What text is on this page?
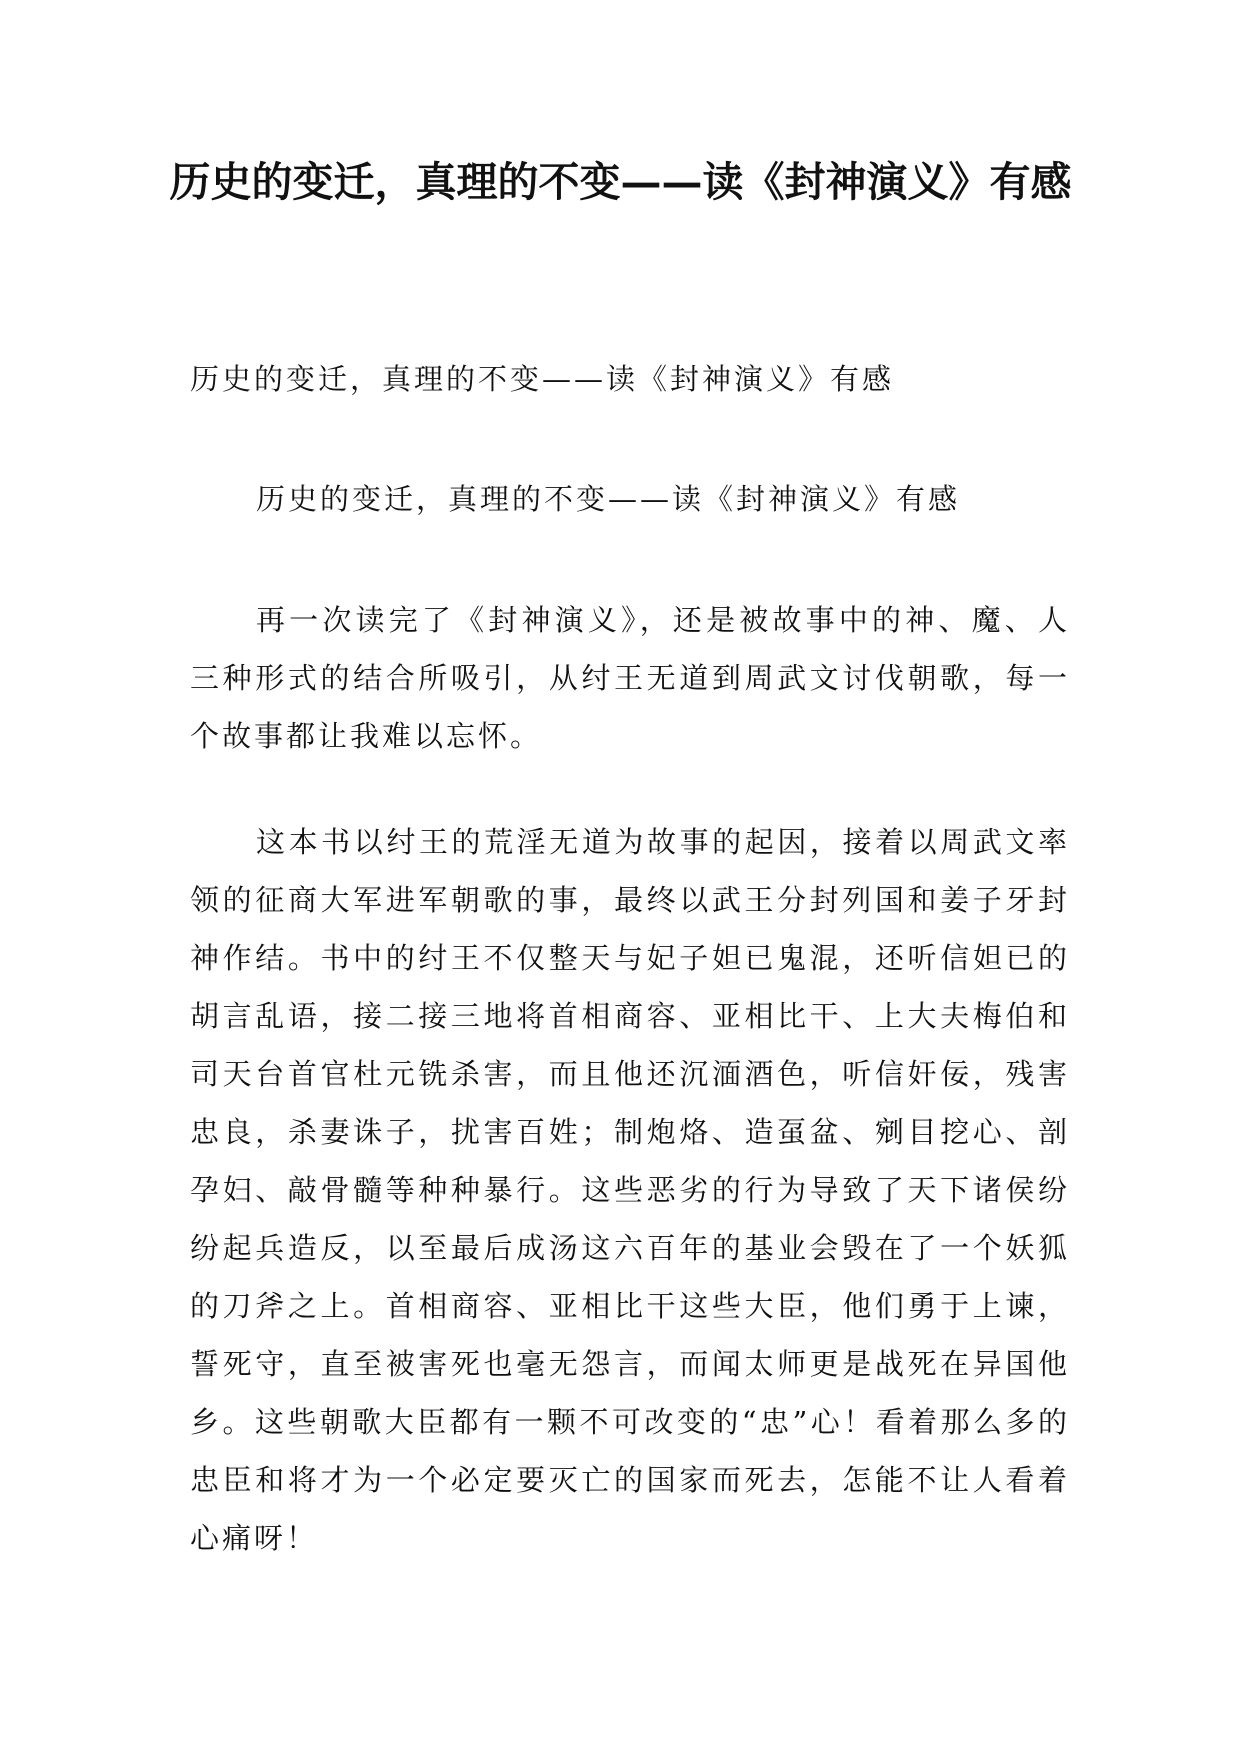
历史的变迁，真理的不变——读《封神演义》有感

历史的变迁，真理的不变——读《封神演义》有感

历史的变迁，真理的不变——读《封神演义》有感

再一次读完了《封神演义》，还是被故事中的神、魔、人三种形式的结合所吸引，从纣王无道到周武文讨伐朝歌，每一个故事都让我难以忘怀。

这本书以纣王的荒淫无道为故事的起因，接着以周武文率领的征商大军进军朝歌的事，最终以武王分封列国和姜子牙封神作结。书中的纣王不仅整天与妃子妲已鬼混，还听信妲已的胡言乱语，接二接三地将首相商容、亚相比干、上大夫梅伯和司天台首官杜元铣杀害，而且他还沉湎酒色，听信奸佞，残害忠良，杀妻诛子，扰害百姓；制炮烙、造虿盆、剜目挖心、剖孕妇、敲骨髓等种种暴行。这些恶劣的行为导致了天下诸侯纷纷起兵造反，以至最后成汤这六百年的基业会毁在了一个妖狐的刀斧之上。首相商容、亚相比干这些大臣，他们勇于上谏，誓死守，直至被害死也毫无怨言，而闻太师更是战死在异国他乡。这些朝歌大臣都有一颗不可改变的“忠”心！看着那么多的忠臣和将才为一个必定要灭亡的国家而死去，怎能不让人看着心痛呀！
